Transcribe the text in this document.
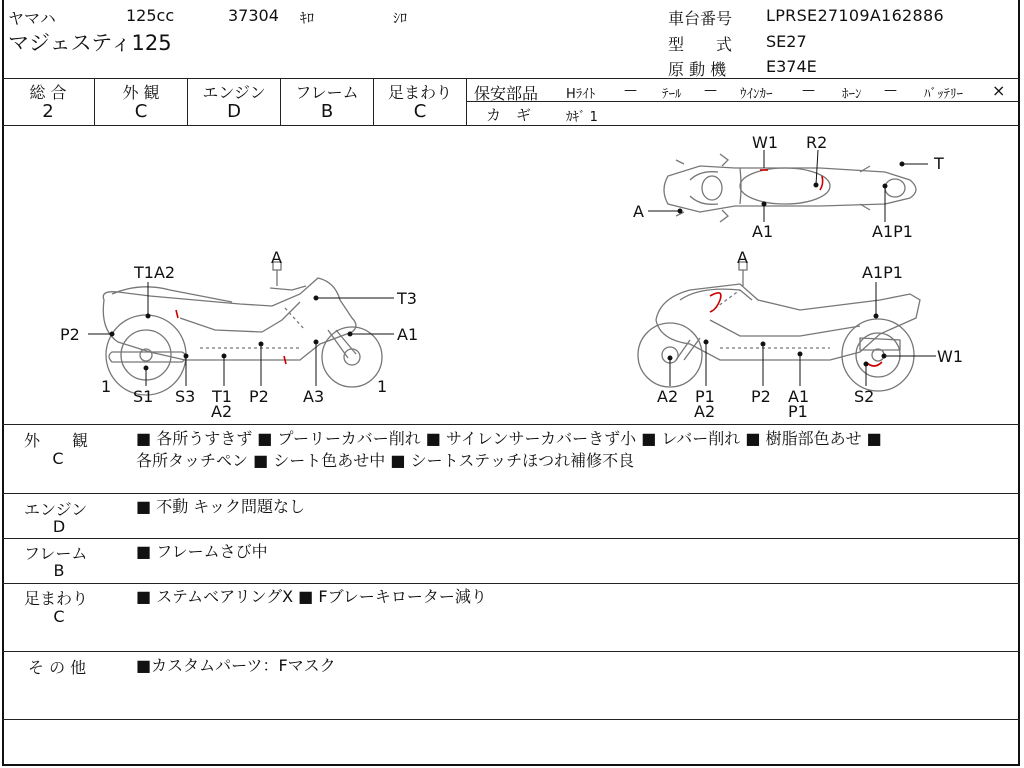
ヤマハ	125cc	37304 ｷﾛ	ｼﾛ
マジェスティ125
車台番号 LPRSE27109A162886
型　　式 SE27
原 動 機 E374E
総 合
2
外 観
C
エンジン
D
フレーム
B
足まわり
C
保安部品 Hﾗｲﾄ — ﾃｰﾙ — ｳｲﾝｶｰ — ﾎｰﾝ — ﾊﾞｯﾃﾘｰ ×
カ　ギ	ｶｷﾞ 1
W1 R2
T
A
A1	A1P1
A
T1A2
T3
P2	A1
1
S1 S3 T1
A2
P2 A3
1
A
A1P1
W1
A2 P1
A2
P2 A1
P1
S2
外　　観
C
■ 各所うすきず ■ プーリーカバー削れ ■ サイレンサーカバーきず小 ■ レバー削れ ■ 樹脂部色あせ ■
各所タッチペン ■ シート色あせ中 ■ シートステッチほつれ補修不良
エンジン
D
■ 不動 キック問題なし
フレーム
B
■ フレームさび中
足まわり
C
■ ステムベアリングX ■ Fブレーキローター減り
そ の 他	■カスタムパーツ：Fマスク
